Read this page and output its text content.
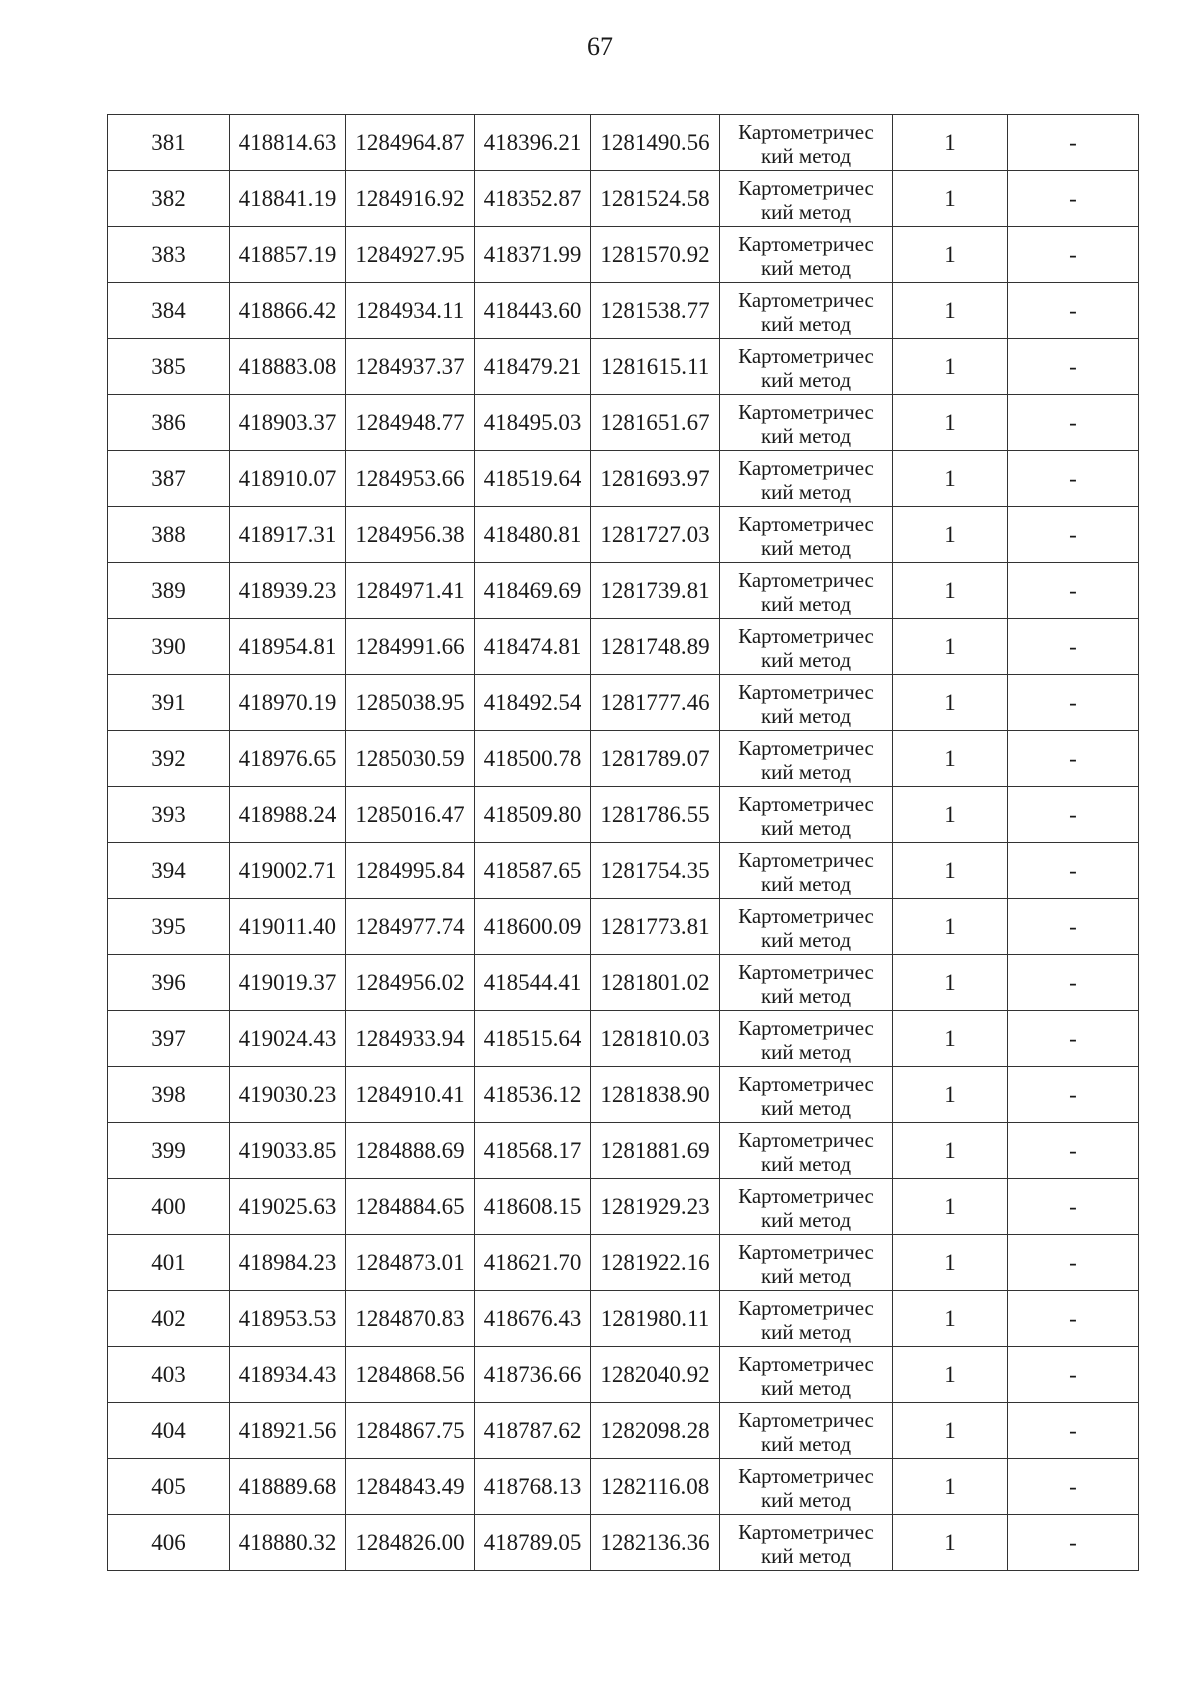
67
381	418814.63	1284964.87	418396.21	1281490.56	Картометричес
кий метод	1	-
382	418841.19	1284916.92	418352.87	1281524.58	Картометричес
кий метод	1	-
383	418857.19	1284927.95	418371.99	1281570.92	Картометричес
кий метод	1	-
384	418866.42	1284934.11	418443.60	1281538.77	Картометричес
кий метод	1	-
385	418883.08	1284937.37	418479.21	1281615.11	Картометричес
кий метод	1	-
386	418903.37	1284948.77	418495.03	1281651.67	Картометричес
кий метод	1	-
387	418910.07	1284953.66	418519.64	1281693.97	Картометричес
кий метод	1	-
388	418917.31	1284956.38	418480.81	1281727.03	Картометричес
кий метод	1	-
389	418939.23	1284971.41	418469.69	1281739.81	Картометричес
кий метод	1	-
390	418954.81	1284991.66	418474.81	1281748.89	Картометричес
кий метод	1	-
391	418970.19	1285038.95	418492.54	1281777.46	Картометричес
кий метод	1	-
392	418976.65	1285030.59	418500.78	1281789.07	Картометричес
кий метод	1	-
393	418988.24	1285016.47	418509.80	1281786.55	Картометричес
кий метод	1	-
394	419002.71	1284995.84	418587.65	1281754.35	Картометричес
кий метод	1	-
395	419011.40	1284977.74	418600.09	1281773.81	Картометричес
кий метод	1	-
396	419019.37	1284956.02	418544.41	1281801.02	Картометричес
кий метод	1	-
397	419024.43	1284933.94	418515.64	1281810.03	Картометричес
кий метод	1	-
398	419030.23	1284910.41	418536.12	1281838.90	Картометричес
кий метод	1	-
399	419033.85	1284888.69	418568.17	1281881.69	Картометричес
кий метод	1	-
400	419025.63	1284884.65	418608.15	1281929.23	Картометричес
кий метод	1	-
401	418984.23	1284873.01	418621.70	1281922.16	Картометричес
кий метод	1	-
402	418953.53	1284870.83	418676.43	1281980.11	Картометричес
кий метод	1	-
403	418934.43	1284868.56	418736.66	1282040.92	Картометричес
кий метод	1	-
404	418921.56	1284867.75	418787.62	1282098.28	Картометричес
кий метод	1	-
405	418889.68	1284843.49	418768.13	1282116.08	Картометричес
кий метод	1	-
406	418880.32	1284826.00	418789.05	1282136.36	Картометричес
кий метод	1	-
